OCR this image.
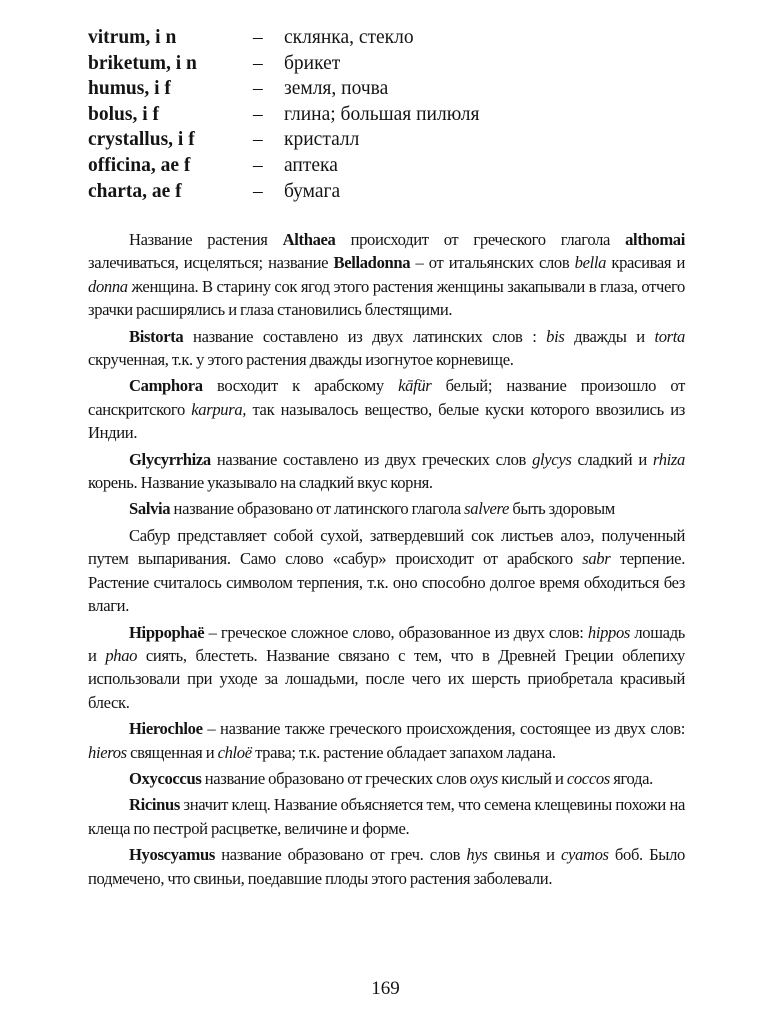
vitrum, i n	– склянка, стекло
briketum, i n	– брикет
humus, i f	– земля, почва
bolus, i f	– глина; большая пилюля
crystallus, i f	– кристалл
officina, ae f	– аптека
charta, ae f	– бумага

Название растения Althaea происходит от греческого глагола althomai залечиваться, исцеляться; название Belladonna – от итальянских слов bella красивая и donna женщина. В старину сок ягод этого растения женщины закапывали в глаза, отчего зрачки расширялись и глаза становились блестящими.

Bistorta название составлено из двух латинских слов : bis дважды и torta скрученная, т.к. у этого растения дважды изогнутое корневище.

Camphora восходит к арабскому kāfür белый; название произошло от санскритского karpura, так называлось вещество, белые куски которого ввозились из Индии.

Glycyrrhiza название составлено из двух греческих слов glycys сладкий и rhiza корень. Название указывало на сладкий вкус корня.

Salvia название образовано от латинского глагола salvere быть здоровым

Сабур представляет собой сухой, затвердевший сок листьев алоэ, полученный путем выпаривания. Само слово «сабур» происходит от арабского sabr терпение. Растение считалось символом терпения, т.к. оно способно долгое время обходиться без влаги.

Hippophaë – греческое сложное слово, образованное из двух слов: hippos лошадь и phao сиять, блестеть. Название связано с тем, что в Древней Греции облепиху использовали при уходе за лошадьми, после чего их шерсть приобретала красивый блеск.

Hierochloe – название также греческого происхождения, состоящее из двух слов: hieros священная и chloë трава; т.к. растение обладает запахом ладана.

Oxycoccus название образовано от греческих слов oxys кислый и coccos ягода.

Ricinus значит клещ. Название объясняется тем, что семена клещевины похожи на клеща по пестрой расцветке, величине и форме.

Hyoscyamus название образовано от греч. слов hys свинья и cyamos боб. Было подмечено, что свиньи, поедавшие плоды этого растения заболевали.

169
